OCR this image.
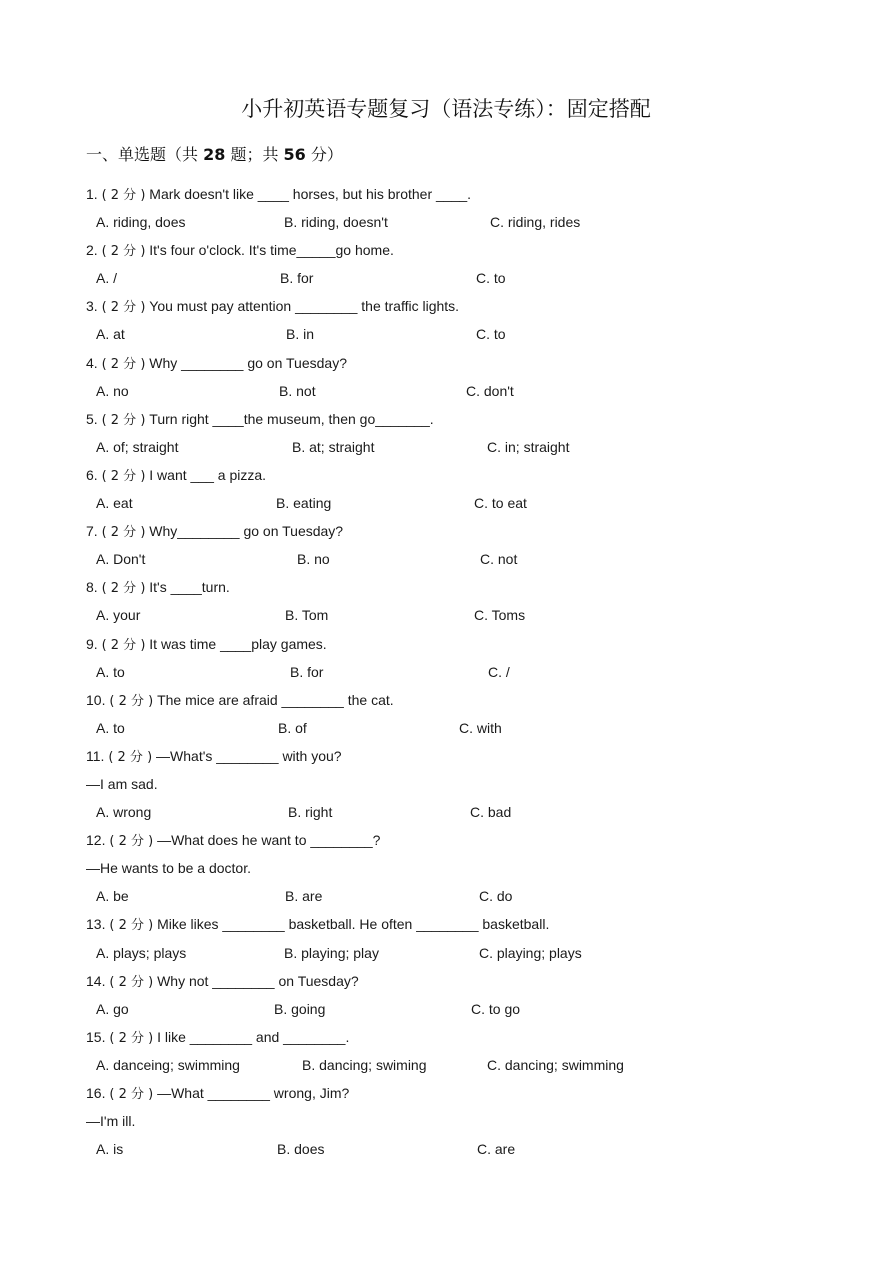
小升初英语专题复习（语法专练）：固定搭配
一、单选题（共 28 题；共 56 分）
1. ( 2 分 ) Mark doesn't like ____ horses, but his brother ____.
A. riding, does	B. riding, doesn't	C. riding, rides
2. ( 2 分 ) It's four o'clock. It's time_____go home.
A. /	B. for	C. to
3. ( 2 分 ) You must pay attention ________ the traffic lights.
A. at	B. in	C. to
4. ( 2 分 ) Why ________ go on Tuesday?
A. no	B. not	C. don't
5. ( 2 分 ) Turn right ____the museum, then go_______.
A. of; straight	B. at; straight	C. in; straight
6. ( 2 分 ) I want ___ a pizza.
A. eat	B. eating	C. to eat
7. ( 2 分 ) Why________ go on Tuesday?
A. Don't	B. no	C. not
8. ( 2 分 ) It's ____turn.
A. your	B. Tom	C. Toms
9. ( 2 分 ) It was time ____play games.
A. to	B. for	C. /
10. ( 2 分 ) The mice are afraid ________ the cat.
A. to	B. of	C. with
11. ( 2 分 ) —What's ________ with you?
—I am sad.
A. wrong	B. right	C. bad
12. ( 2 分 ) —What does he want to ________?
—He wants to be a doctor.
A. be	B. are	C. do
13. ( 2 分 ) Mike likes ________ basketball. He often ________ basketball.
A. plays; plays	B. playing; play	C. playing; plays
14. ( 2 分 ) Why not ________ on Tuesday?
A. go	B. going	C. to go
15. ( 2 分 ) I like ________ and ________.
A. danceing; swimming	B. dancing; swiming	C. dancing; swimming
16. ( 2 分 ) —What ________ wrong, Jim?
—I'm ill.
A. is	B. does	C. are
